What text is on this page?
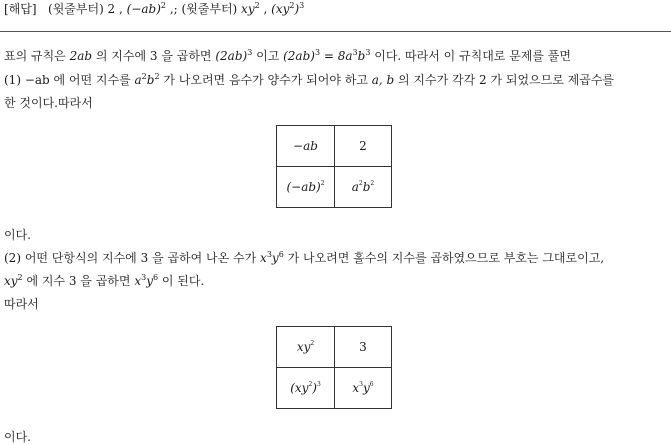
[해답] (윗줄부터) 2 , $(-ab)^2$ ,; (윗줄부터) $xy^2$ , $(xy^2)^3$
표의 규칙은 2ab 의 지수에 3 을 곱하면 $(2ab)^3$ 이고 $(2ab)^3 = 8a^3b^3$ 이다. 따라서 이 규칙대로 문제를 풀면
(1) −ab 에 어떤 지수를 $a^2b^2$ 가 나오려면 음수가 양수가 되어야 하고 a, b 의 지수가 각각 2 가 되었으므로 제곱수를
한 것이다.따라서
−ab	2
$(-ab)^2$	$a^2b^2$
이다.
(2) 어떤 단항식의 지수에 3 을 곱하여 나온 수가 $x^3y^6$ 가 나오려면 홀수의 지수를 곱하였으므로 부호는 그대로이고,
$xy^2$ 에 지수 3 을 곱하면 $x^3y^6$ 이 된다.
따라서
$xy^2$	3
$(xy^2)^3$	$x^3y^6$
이다.
